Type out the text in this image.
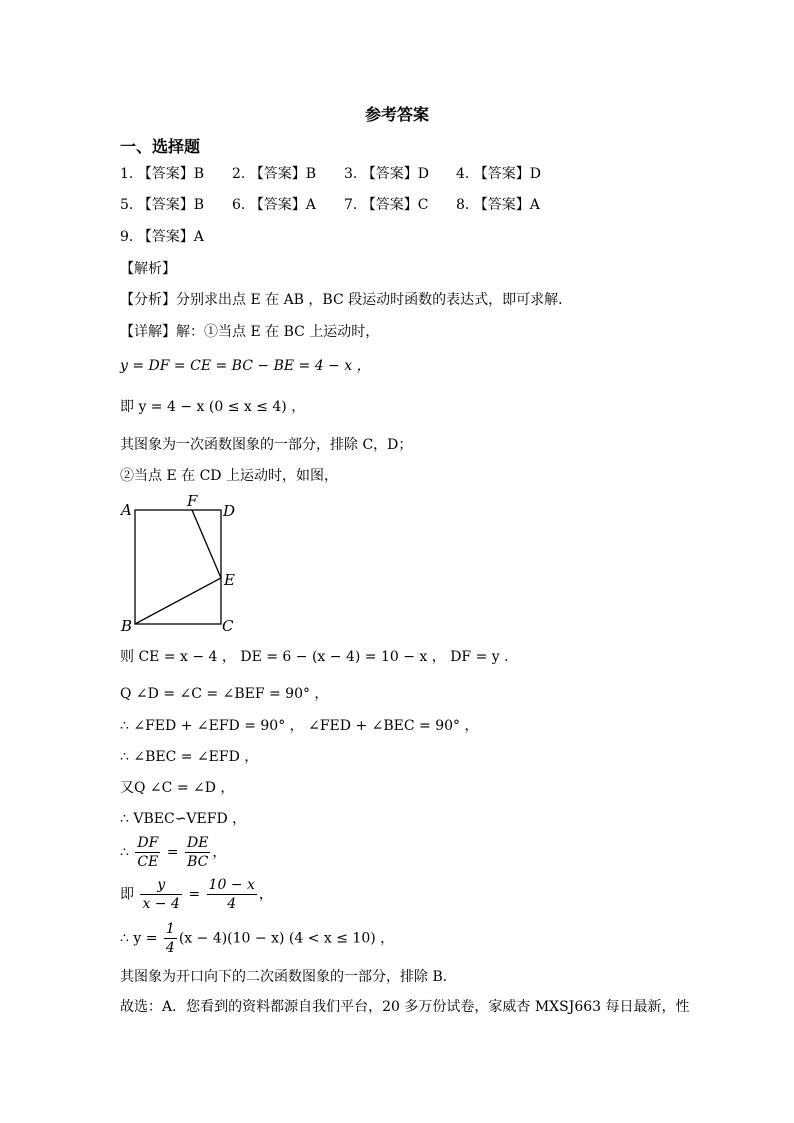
参考答案
一、选择题
1. 【答案】B 2. 【答案】B 3. 【答案】D 4. 【答案】D
5. 【答案】B 6. 【答案】A 7. 【答案】C 8. 【答案】A
9. 【答案】A
【解析】
【分析】分别求出点 E 在 AB ，BC 段运动时函数的表达式，即可求解．
【详解】解：①当点 E 在 BC 上运动时，
y = DF = CE = BC − BE = 4 − x ，
即 y = 4 − x (0 ≤ x ≤ 4) ，
其图象为一次函数图象的一部分，排除 C，D；
②当点 E 在 CD 上运动时，如图，
A	F
D
E
B	C
则 CE = x − 4 ， DE = 6 − (x − 4) = 10 − x ， DF = y ．
Q ∠D = ∠C = ∠BEF = 90° ，
∴ ∠FED + ∠EFD = 90° ， ∠FED + ∠BEC = 90° ，
∴ ∠BEC = ∠EFD ，
又Q ∠C = ∠D ，
∴ VBEC∽VEFD ，
∴ $\frac{DF}{CE} = \frac{DE}{BC}$ ，
即 $\frac{y}{x - 4} = \frac{10 - x}{4}$ ，
∴ $y = \frac{1}{4} (x - 4)(10 - x) (4 < x \le 10)$ ，
其图象为开口向下的二次函数图象的一部分，排除 B．
故选：A．您看到的资料都源自我们平台，20 多万份试卷，家威杏 MXSJ663 每日最新，性
